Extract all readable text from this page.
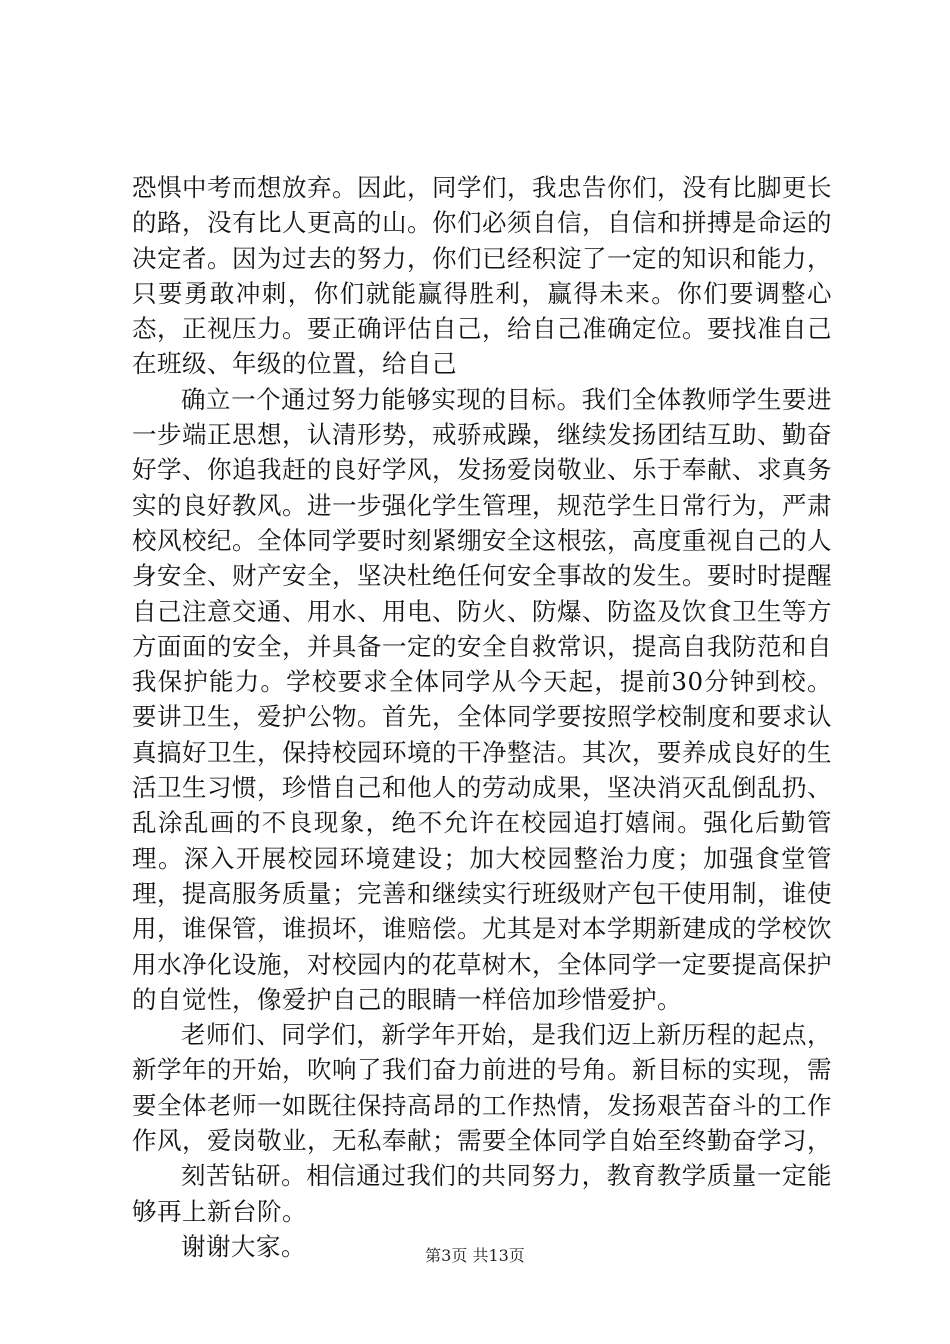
恐惧中考而想放弃。因此，同学们，我忠告你们，没有比脚更长的路，没有比人更高的山。你们必须自信，自信和拼搏是命运的决定者。因为过去的努力，你们已经积淀了一定的知识和能力，只要勇敢冲刺，你们就能赢得胜利，赢得未来。你们要调整心态，正视压力。要正确评估自己，给自己准确定位。要找准自己在班级、年级的位置，给自己

确立一个通过努力能够实现的目标。我们全体教师学生要进一步端正思想，认清形势，戒骄戒躁，继续发扬团结互助、勤奋好学、你追我赶的良好学风，发扬爱岗敬业、乐于奉献、求真务实的良好教风。进一步强化学生管理，规范学生日常行为，严肃校风校纪。全体同学要时刻紧绷安全这根弦，高度重视自己的人身安全、财产安全，坚决杜绝任何安全事故的发生。要时时提醒自己注意交通、用水、用电、防火、防爆、防盗及饮食卫生等方方面面的安全，并具备一定的安全自救常识，提高自我防范和自我保护能力。学校要求全体同学从今天起，提前30分钟到校。要讲卫生，爱护公物。首先，全体同学要按照学校制度和要求认真搞好卫生，保持校园环境的干净整洁。其次，要养成良好的生活卫生习惯，珍惜自己和他人的劳动成果，坚决消灭乱倒乱扔、乱涂乱画的不良现象，绝不允许在校园追打嬉闹。强化后勤管理。深入开展校园环境建设；加大校园整治力度；加强食堂管理，提高服务质量；完善和继续实行班级财产包干使用制，谁使用，谁保管，谁损坏，谁赔偿。尤其是对本学期新建成的学校饮用水净化设施，对校园内的花草树木，全体同学一定要提高保护的自觉性，像爱护自己的眼睛一样倍加珍惜爱护。

老师们、同学们，新学年开始，是我们迈上新历程的起点，新学年的开始，吹响了我们奋力前进的号角。新目标的实现，需要全体老师一如既往保持高昂的工作热情，发扬艰苦奋斗的工作作风，爱岗敬业，无私奉献；需要全体同学自始至终勤奋学习，

刻苦钻研。相信通过我们的共同努力，教育教学质量一定能够再上新台阶。

谢谢大家。	第3页 共13页
